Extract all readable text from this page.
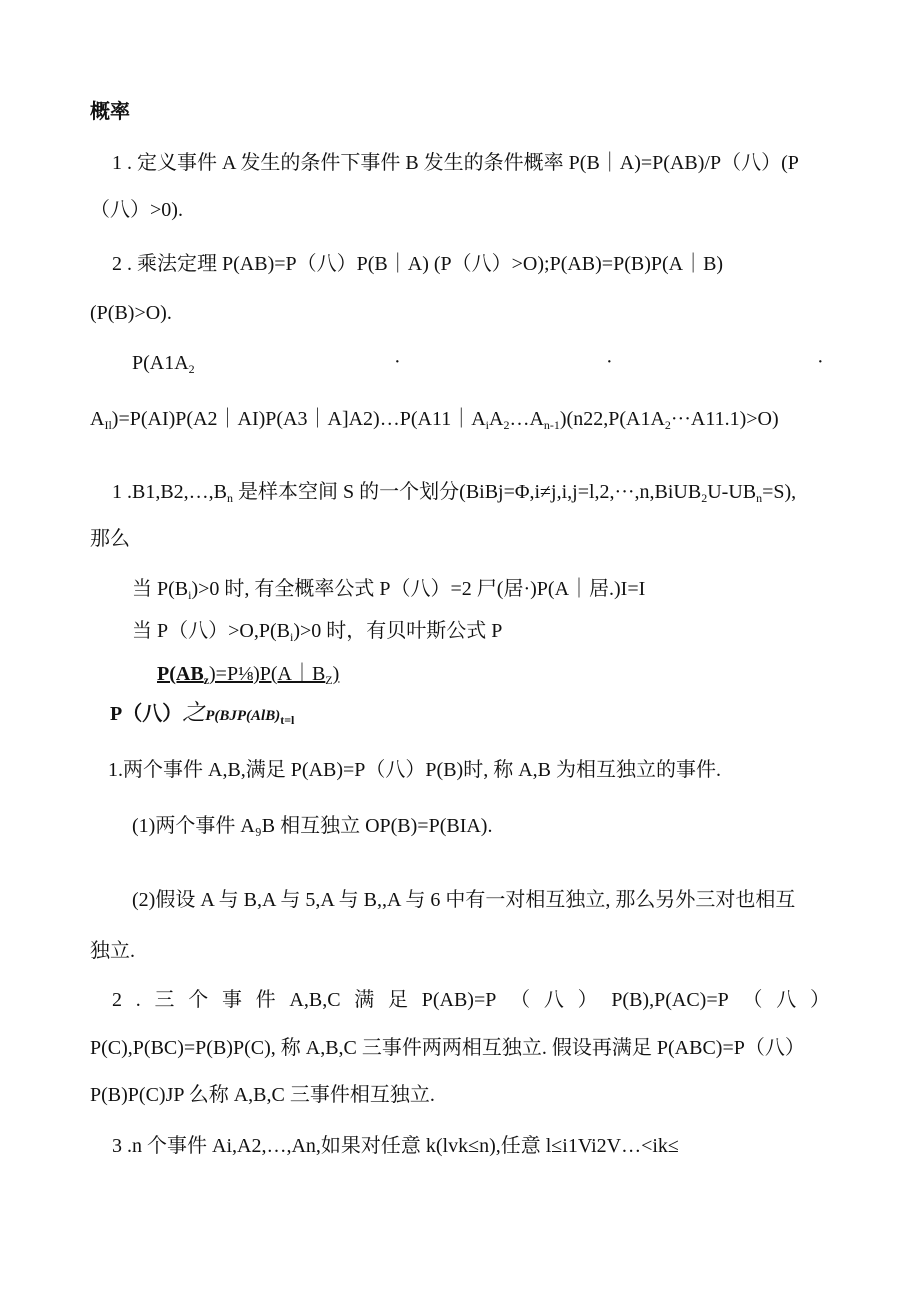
概率
1 . 定义事件 A 发生的条件下事件 B 发生的条件概率 P(B｜A)=P(AB)/P（八）(P
（八）>0).
2 . 乘法定理 P(AB)=P（八）P(B｜A) (P（八）>O);P(AB)=P(B)P(A｜B)
(P(B)>O).
$P(A1A_2$	·	·	·
$A_{Il})=P(AI)P(A2|AI)P(A3|A]A2)\dots P(A11|A_iA_2\dots A_{n-1})(n22,P(A1A_2\cdot\cdot\cdot A11.1)>O)$
1 $.B1,B2,\dots,B_n$ 是样本空间 S 的一个划分$(BiBj=\Phi,i\ne j,i,j=l,2,\cdot\cdot\cdot,n,BiUB_2U-UB_n=S)$,
那么
当 $P(B_i)>0$ 时, 有全概率公式 P（八）=2 尸(居·)P(A｜居.)I=I
当 P（八）$>O,P(B_i)>0$ 时，有贝叶斯公式 P
$P(AB_z)=P\frac{1}{8})P(A|B_Z)$
P（八）之$P(BJP(AlB)_{t=l}$
1.两个事件 A,B,满足 P(AB)=P（八）P(B)时, 称 A,B 为相互独立的事件.
(1)两个事件 A₉B 相互独立 OP(B)=P(BIA).
(2)假设 A 与 B,A 与 5,A 与 B,,A 与 6 中有一对相互独立, 那么另外三对也相互
独立.
2 . 三 个 事 件 A,B,C 满 足 P(AB)=P （ 八 ） P(B),P(AC)=P （ 八 ）
P(C),P(BC)=P(B)P(C), 称 A,B,C 三事件两两相互独立. 假设再满足 P(ABC)=P（八）
P(B)P(C)JP 么称 A,B,C 三事件相互独立.
3 .n 个事件 Ai,A2,…,An,如果对任意 k(lvk≤n),任意 l≤i1Vi2V…<ik≤
